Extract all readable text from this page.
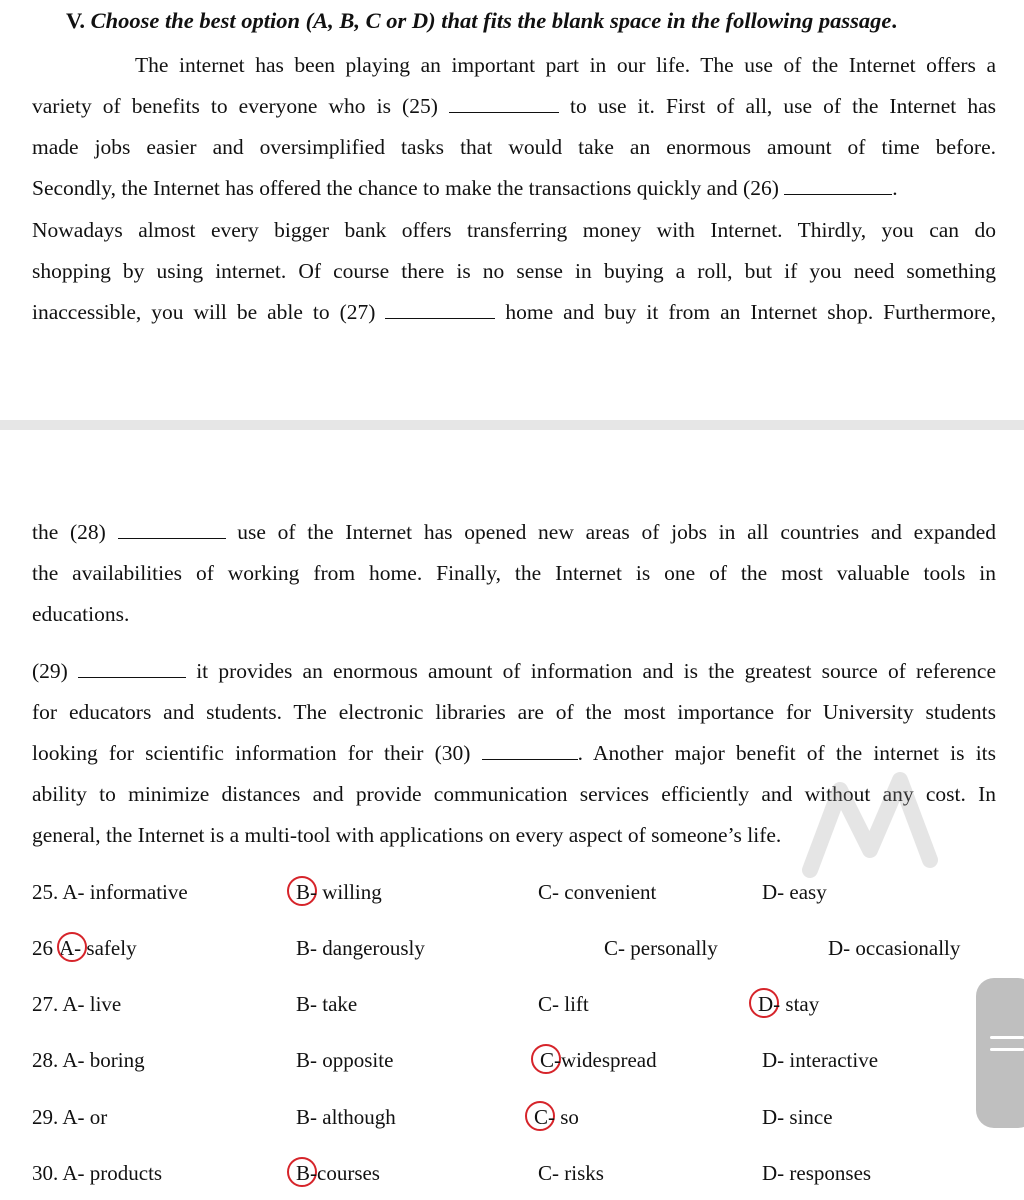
V. Choose the best option (A, B, C or D) that fits the blank space in the following passage.
The internet has been playing an important part in our life. The use of the Internet offers a
variety of benefits to everyone who is (25)	to use it. First of all, use of the Internet has
made jobs easier and oversimplified tasks that would take an enormous amount of time before.
Secondly, the Internet has offered the chance to make the transactions quickly and (26)	.
Nowadays almost every bigger bank offers transferring money with Internet. Thirdly, you can do
shopping by using internet. Of course there is no sense in buying a roll, but if you need something
inaccessible, you will be able to (27)	home and buy it from an Internet shop. Furthermore,
the (28)	use of the Internet has opened new areas of jobs in all countries and expanded
the availabilities of working from home. Finally, the Internet is one of the most valuable tools in
educations.
(29)	it provides an enormous amount of information and is the greatest source of reference
for educators and students. The electronic libraries are of the most importance for University students
looking for scientific information for their (30)	. Another major benefit of the internet is its
ability to minimize distances and provide communication services efficiently and without any cost. In
general, the Internet is a multi-tool with applications on every aspect of someone’s life.
25. A- informative	B- willing	C- convenient	D- easy
26 A- safely	B- dangerously	C- personally	D- occasionally
27. A- live	B- take	C- lift	D- stay
28. A- boring	B- opposite	C-widespread	D- interactive
29. A- or	B- although	C- so	D- since
30. A- products	B-courses	C- risks	D- responses
